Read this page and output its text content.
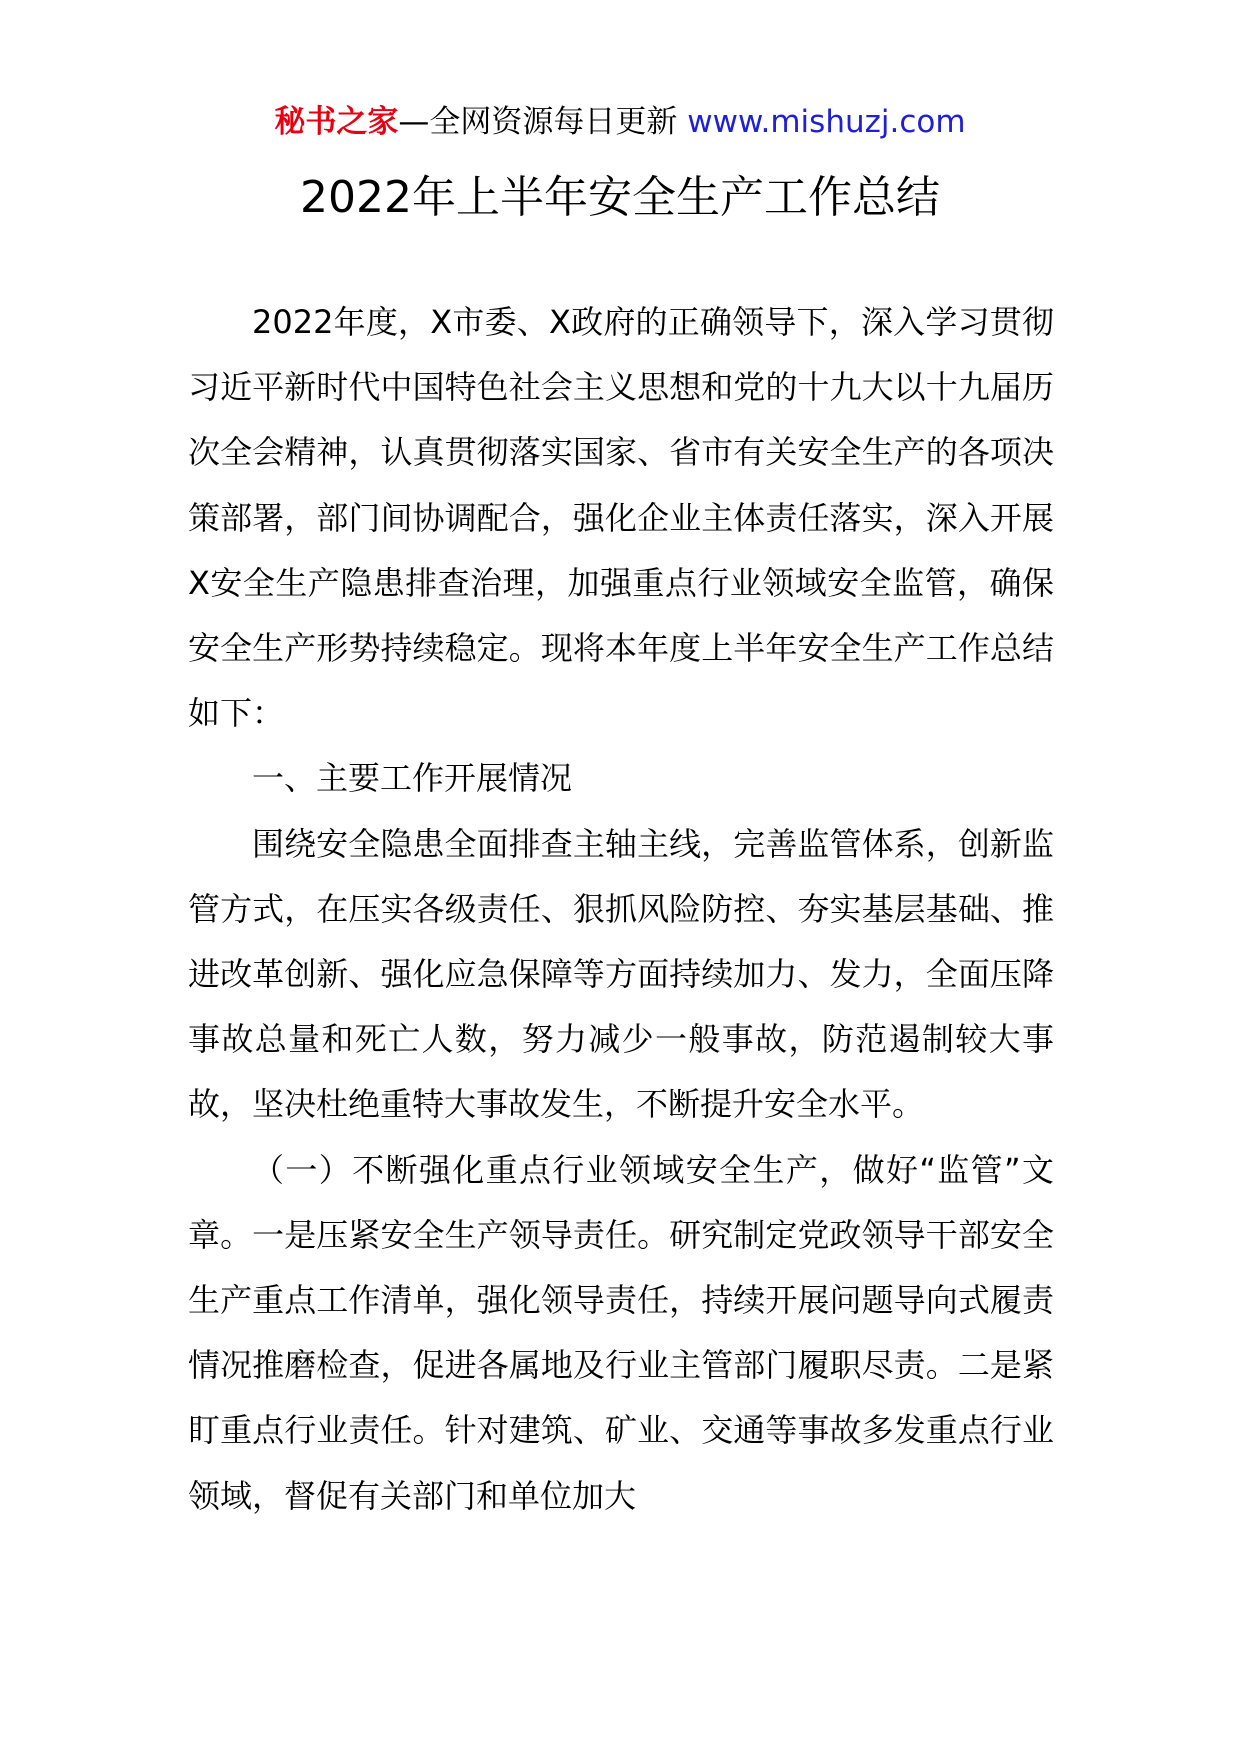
秘书之家—全网资源每日更新 www.mishuzj.com
2022年上半年安全生产工作总结

2022年度，X市委、X政府的正确领导下，深入学习贯彻习近平新时代中国特色社会主义思想和党的十九大以十九届历次全会精神，认真贯彻落实国家、省市有关安全生产的各项决策部署，部门间协调配合，强化企业主体责任落实，深入开展X安全生产隐患排查治理，加强重点行业领域安全监管，确保安全生产形势持续稳定。现将本年度上半年安全生产工作总结如下：

一、主要工作开展情况

围绕安全隐患全面排查主轴主线，完善监管体系，创新监管方式，在压实各级责任、狠抓风险防控、夯实基层基础、推进改革创新、强化应急保障等方面持续加力、发力，全面压降事故总量和死亡人数，努力减少一般事故，防范遏制较大事故，坚决杜绝重特大事故发生，不断提升安全水平。

（一）不断强化重点行业领域安全生产，做好“监管”文章。一是压紧安全生产领导责任。研究制定党政领导干部安全生产重点工作清单，强化领导责任，持续开展问题导向式履责情况推磨检查，促进各属地及行业主管部门履职尽责。二是紧盯重点行业责任。针对建筑、矿业、交通等事故多发重点行业领域，督促有关部门和单位加大
